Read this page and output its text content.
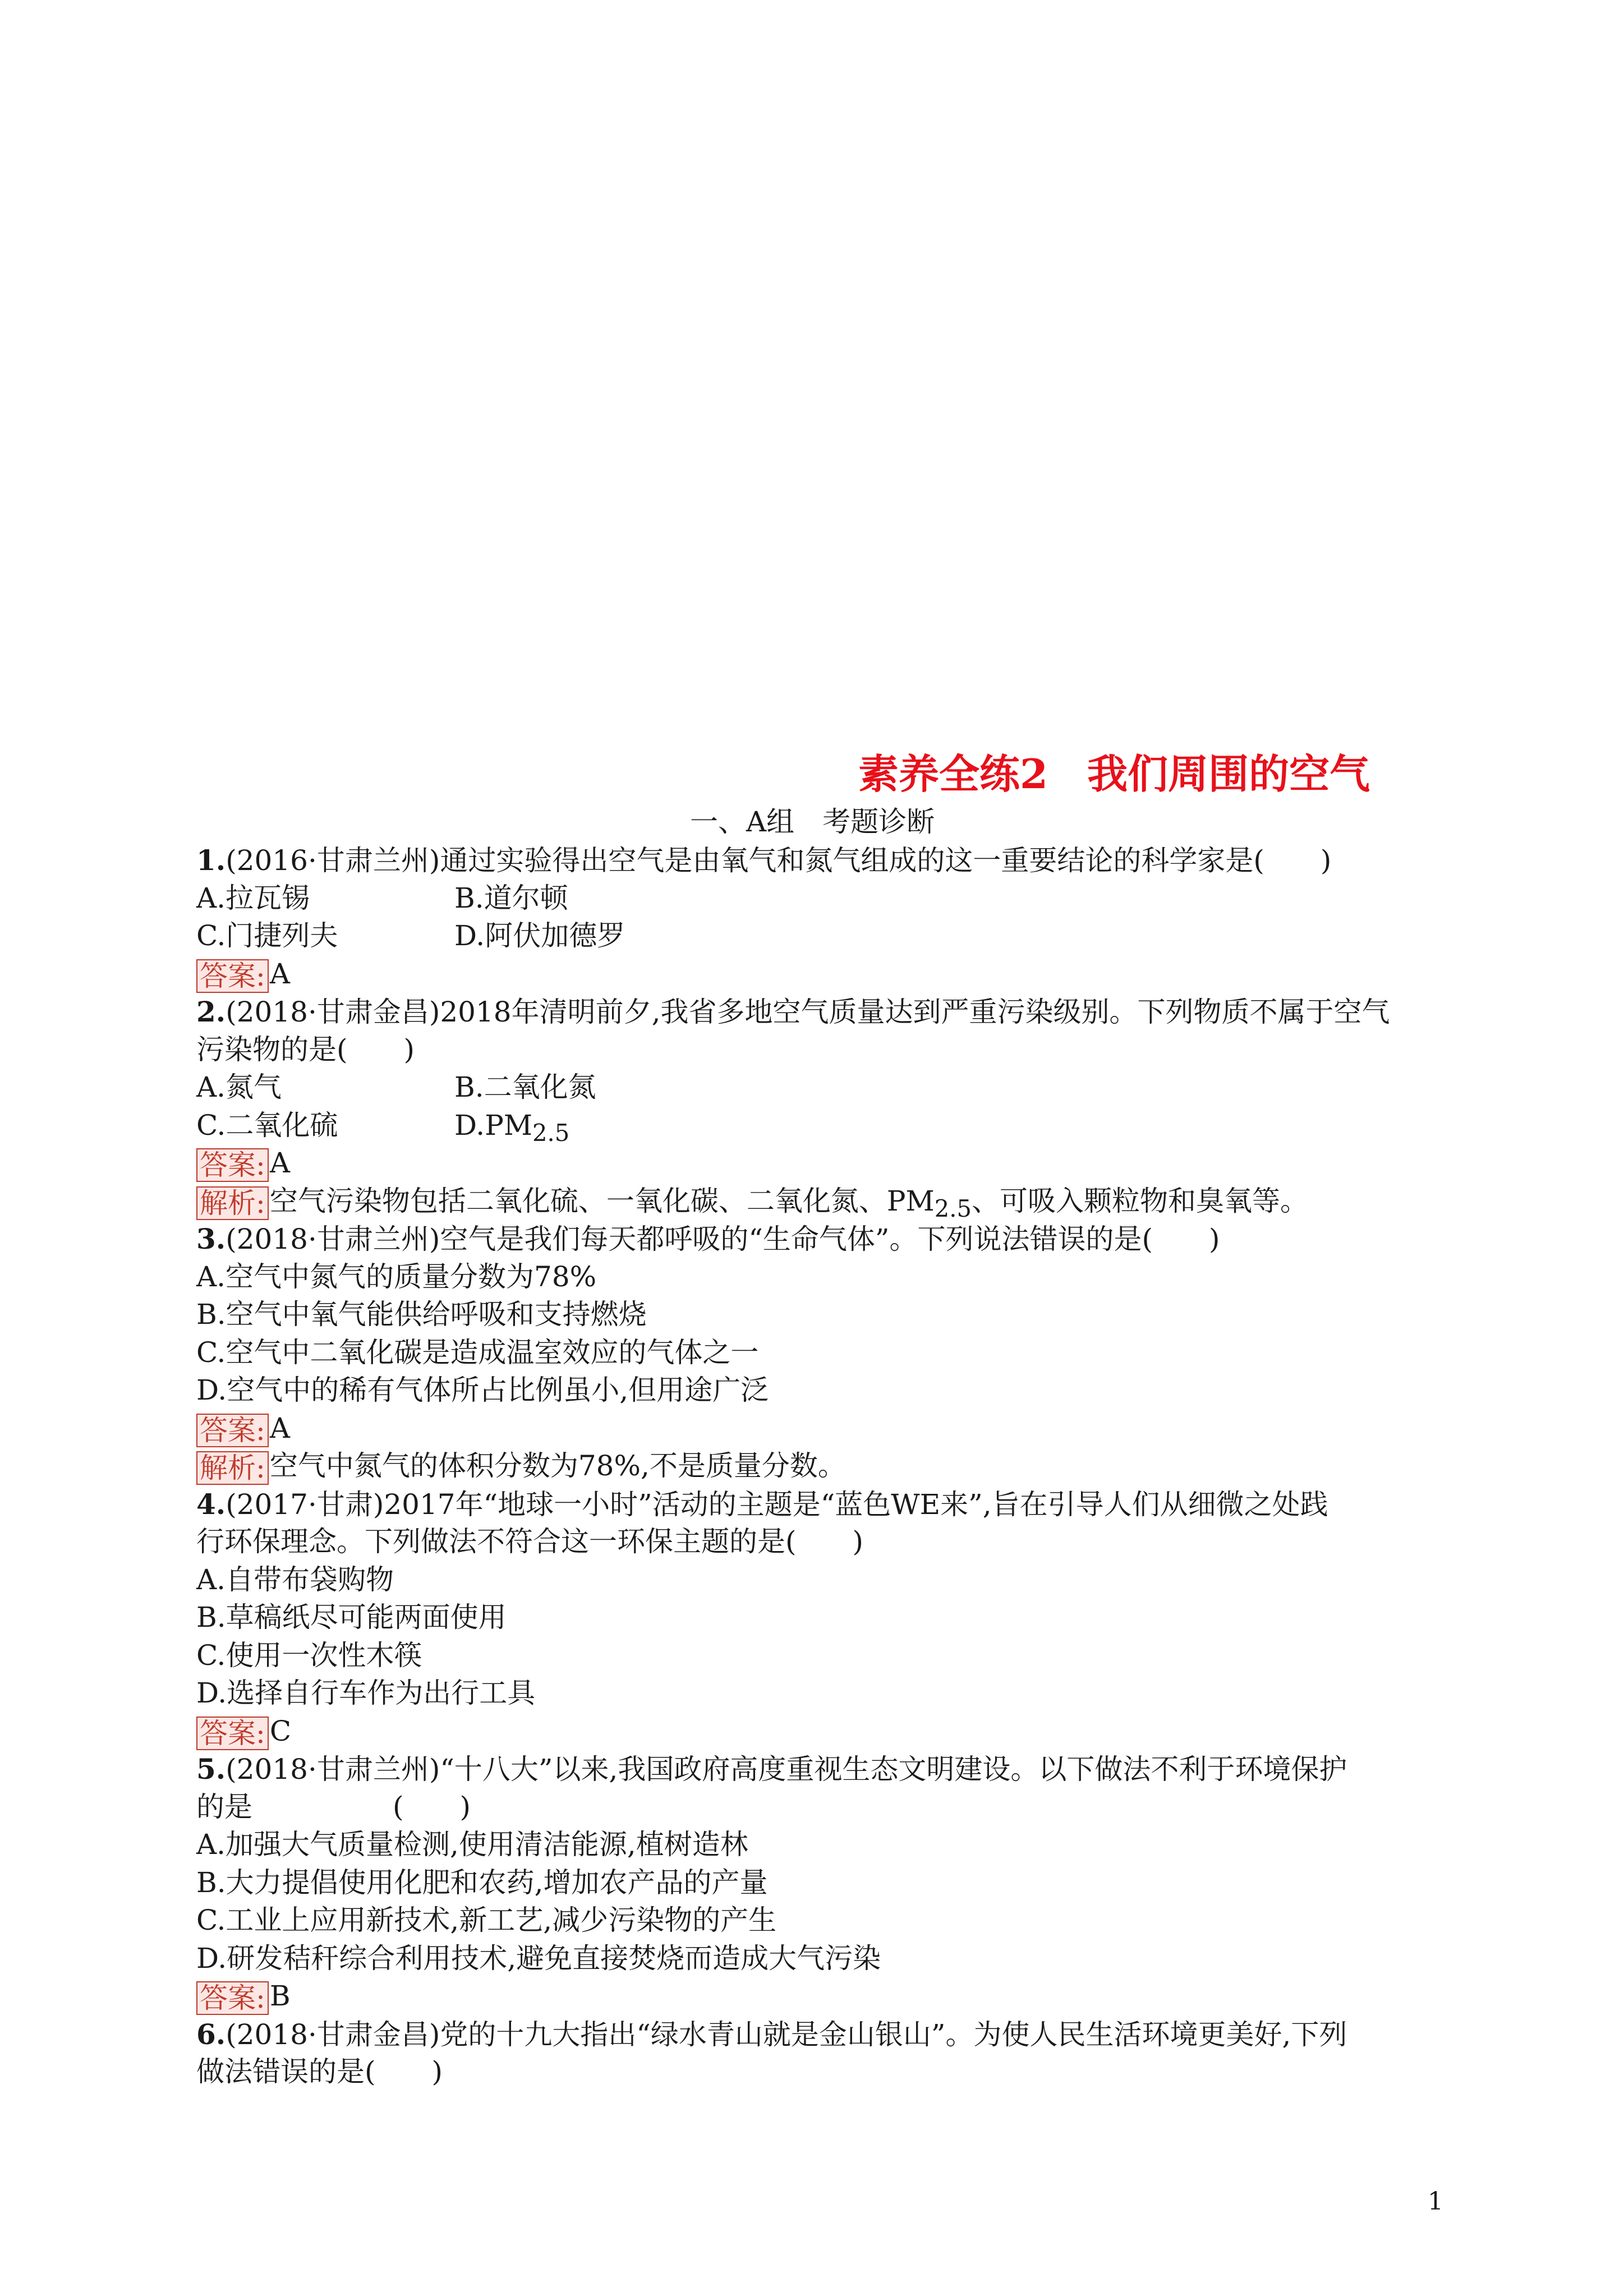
素养全练2 我们周围的空气
一、A组 考题诊断
1.(2016·甘肃兰州)通过实验得出空气是由氧气和氮气组成的这一重要结论的科学家是(　　)
A.拉瓦锡	B.道尔顿
C.门捷列夫	D.阿伏加德罗
答案: A
2.(2018·甘肃金昌)2018年清明前夕,我省多地空气质量达到严重污染级别。下列物质不属于空气
污染物的是(　　)
A.氮气	B.二氧化氮
C.二氧化硫	$D.PM_{2.5}$
答案: A
解析: 空气污染物包括二氧化硫、一氧化碳、二氧化氮、$PM_{2.5}$、可吸入颗粒物和臭氧等。
3.(2018·甘肃兰州)空气是我们每天都呼吸的“生命气体”。下列说法错误的是(　　)
A.空气中氮气的质量分数为78%
B.空气中氧气能供给呼吸和支持燃烧
C.空气中二氧化碳是造成温室效应的气体之一
D.空气中的稀有气体所占比例虽小,但用途广泛
答案: A
解析: 空气中氮气的体积分数为78%,不是质量分数。
4.(2017·甘肃)2017年“地球一小时”活动的主题是“蓝色WE来”,旨在引导人们从细微之处践
行环保理念。下列做法不符合这一环保主题的是(　　)
A.自带布袋购物
B.草稿纸尽可能两面使用
C.使用一次性木筷
D.选择自行车作为出行工具
答案: C
5.(2018·甘肃兰州)“十八大”以来,我国政府高度重视生态文明建设。以下做法不利于环境保护
的是	(　　)
A.加强大气质量检测,使用清洁能源,植树造林
B.大力提倡使用化肥和农药,增加农产品的产量
C.工业上应用新技术,新工艺,减少污染物的产生
D.研发秸秆综合利用技术,避免直接焚烧而造成大气污染
答案: B
6.(2018·甘肃金昌)党的十九大指出“绿水青山就是金山银山”。为使人民生活环境更美好,下列
做法错误的是(　　)
1
